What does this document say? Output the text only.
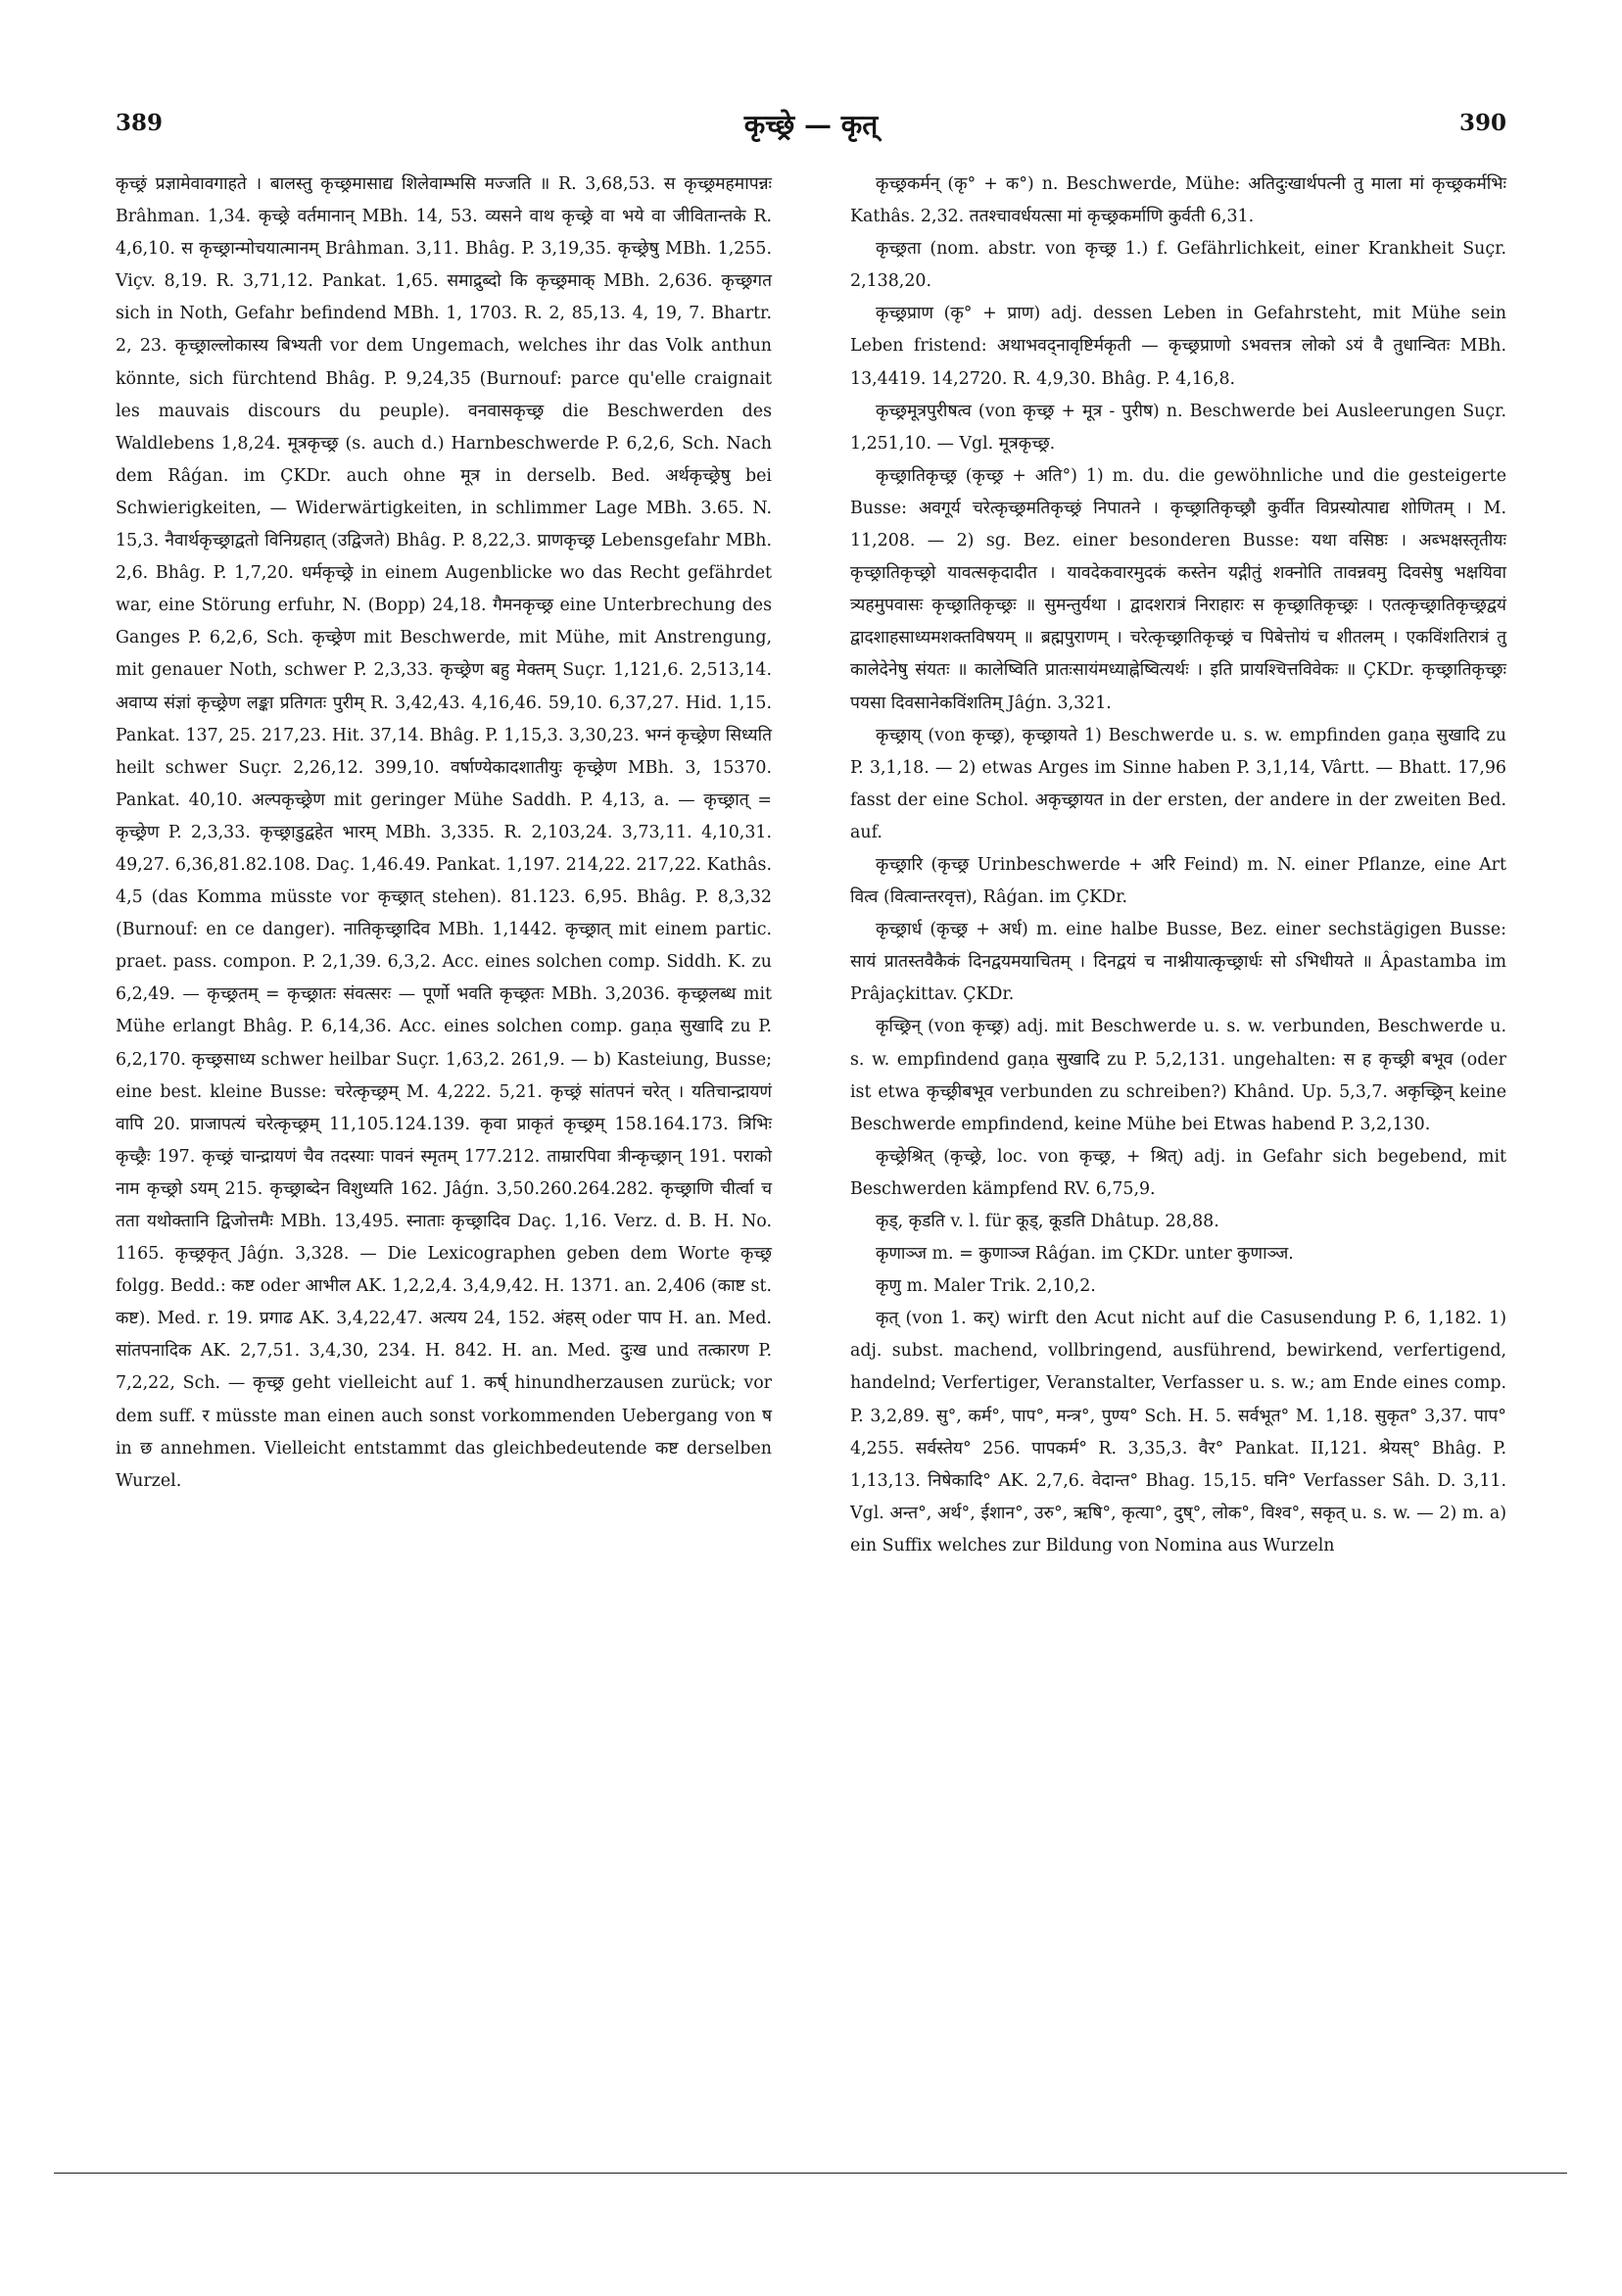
389	कृच्छ्रे — कृत्	390

कृच्छ्रं प्रज्ञामेवावगाहते । बालस्तु कृच्छ्रमासाद्य शिलेवाम्भसि मज्जति ॥ R. 3,68,53. स कृच्छ्रमहमापन्नः Brâhman. 1,34. कृच्छ्रे वर्तमानान् MBh. 14, 53. व्यसने वाथ कृच्छ्रे वा भये वा जीवितान्तके R. 4,6,10. स कृच्छ्रान्मोचयात्मानम् Brâhman. 3,11. Bhâg. P. 3,19,35. कृच्छ्रेषु MBh. 1,255. Viçv. 8,19. R. 3,71,12. Pankat. 1,65. समाद्रुब्दो कि कृच्छ्रमाक् MBh. 2,636. कृच्छ्रगत sich in Noth, Gefahr befindend MBh. 1, 1703. R. 2, 85,13. 4, 19, 7. Bhartr. 2, 23. कृच्छ्राल्लोकास्य बिभ्यती vor dem Ungemach, welches ihr das Volk anthun könnte, sich fürchtend Bhâg. P. 9,24,35 (Burnouf: parce qu'elle craignait les mauvais discours du peuple). वनवासकृच्छ्र die Beschwerden des Waldlebens 1,8,24. मूत्रकृच्छ्र (s. auch d.) Harnbeschwerde P. 6,2,6, Sch. Nach dem Râǵan. im ÇKDr. auch ohne मूत्र in derselb. Bed. अर्थकृच्छ्रेषु bei Schwierigkeiten, — Widerwärtigkeiten, in schlimmer Lage MBh. 3.65. N. 15,3. नैवार्थकृच्छ्राद्वतो विनिग्रहात् (उद्विजते) Bhâg. P. 8,22,3. प्राणकृच्छ्र Lebensgefahr MBh. 2,6. Bhâg. P. 1,7,20. धर्मकृच्छ्रे in einem Augenblicke wo das Recht gefährdet war, eine Störung erfuhr, N. (Bopp) 24,18. गैमनकृच्छ्र eine Unterbrechung des Ganges P. 6,2,6, Sch. कृच्छ्रेण mit Beschwerde, mit Mühe, mit Anstrengung, mit genauer Noth, schwer P. 2,3,33. कृच्छ्रेण बहु मेक्तम् Suçr. 1,121,6. 2,513,14. अवाप्य संज्ञां कृच्छ्रेण लङ्का प्रतिगतः पुरीम् R. 3,42,43. 4,16,46. 59,10. 6,37,27. Hid. 1,15. Pankat. 137, 25. 217,23. Hit. 37,14. Bhâg. P. 1,15,3. 3,30,23. भग्नं कृच्छ्रेण सिध्यति heilt schwer Suçr. 2,26,12. 399,10. वर्षाण्येकादशातीयुः कृच्छ्रेण MBh. 3, 15370. Pankat. 40,10. अल्पकृच्छ्रेण mit geringer Mühe Saddh. P. 4,13, a. — कृच्छ्रात् = कृच्छ्रेण P. 2,3,33. कृच्छ्राडुद्वहेत भारम् MBh. 3,335. R. 2,103,24. 3,73,11. 4,10,31. 49,27. 6,36,81.82.108. Daç. 1,46.49. Pankat. 1,197. 214,22. 217,22. Kathâs. 4,5 (das Komma müsste vor कृच्छ्रात् stehen). 81.123. 6,95. Bhâg. P. 8,3,32 (Burnouf: en ce danger). नातिकृच्छ्रादिव MBh. 1,1442. कृच्छ्रात् mit einem partic. praet. pass. compon. P. 2,1,39. 6,3,2. Acc. eines solchen comp. Siddh. K. zu 6,2,49. — कृच्छ्रतम् = कृच्छ्रातः संवत्सरः — पूर्णो भवति कृच्छ्रतः MBh. 3,2036. कृच्छ्रलब्ध mit Mühe erlangt Bhâg. P. 6,14,36. Acc. eines solchen comp. gaṇa सुखादि zu P. 6,2,170. कृच्छ्रसाध्य schwer heilbar Suçr. 1,63,2. 261,9. — b) Kasteiung, Busse; eine best. kleine Busse: चरेत्कृच्छ्रम् M. 4,222. 5,21. कृच्छ्रं सांतपनं चरेत् । यतिचान्द्रायणं वापि 20. प्राजापत्यं चरेत्कृच्छ्रम् 11,105.124.139. कृवा प्राकृतं कृच्छ्रम् 158.164.173. त्रिभिः कृच्छ्रैः 197. कृच्छ्रं चान्द्रायणं चैव तदस्याः पावनं स्मृतम् 177.212. ताम्रारपिवा त्रीन्कृच्छ्रान् 191. पराको नाम कृच्छ्रो ऽयम् 215. कृच्छ्राब्देन विशुध्यति 162. Jâǵn. 3,50.260.264.282. कृच्छ्राणि चीर्त्वा च तता यथोक्तानि द्विजोत्तमैः MBh. 13,495. स्नाताः कृच्छ्रादिव Daç. 1,16. Verz. d. B. H. No. 1165. कृच्छ्रकृत् Jâǵn. 3,328. — Die Lexicographen geben dem Worte कृच्छ्र folgg. Bedd.: कष्ट oder आभील AK. 1,2,2,4. 3,4,9,42. H. 1371. an. 2,406 (काष्ट st. कष्ट). Med. r. 19. प्रगाढ AK. 3,4,22,47. अत्यय 24, 152. अंहस् oder पाप H. an. Med. सांतपनादिक AK. 2,7,51. 3,4,30, 234. H. 842. H. an. Med. दुःख und तत्कारण P. 7,2,22, Sch. — कृच्छ्र geht vielleicht auf 1. कर्ष् hinundherzausen zurück; vor dem suff. र müsste man einen auch sonst vorkommenden Uebergang von ष in छ annehmen. Vielleicht entstammt das gleichbedeutende कष्ट derselben Wurzel.

कृच्छ्रकर्मन् (कृ° + क°) n. Beschwerde, Mühe: अतिदुःखार्थपत्नी तु माला मां कृच्छ्रकर्मभिः Kathâs. 2,32. ततश्चावर्धयत्सा मां कृच्छ्रकर्माणि कुर्वती 6,31.

कृच्छ्रता (nom. abstr. von कृच्छ्र 1.) f. Gefährlichkeit, einer Krankheit Suçr. 2,138,20.

कृच्छ्रप्राण (कृ° + प्राण) adj. dessen Leben in Gefahrsteht, mit Mühe sein Leben fristend: अथाभवद्नावृष्टिर्मकृती — कृच्छ्रप्राणो ऽभवत्तत्र लोको ऽयं वै तुधान्वितः MBh. 13,4419. 14,2720. R. 4,9,30. Bhâg. P. 4,16,8.

कृच्छ्रमूत्रपुरीषत्व (von कृच्छ्र + मूत्र - पुरीष) n. Beschwerde bei Ausleerungen Suçr. 1,251,10. — Vgl. मूत्रकृच्छ्र.

कृच्छ्रातिकृच्छ्र (कृच्छ्र + अति°) 1) m. du. die gewöhnliche und die gesteigerte Busse: अवगूर्य चरेत्कृच्छ्रमतिकृच्छ्रं निपातने । कृच्छ्रातिकृच्छ्रौ कुर्वीत विप्रस्योत्पाद्य शोणितम् । M. 11,208. — 2) sg. Bez. einer besonderen Busse: यथा वसिष्ठः । अब्भक्षस्तृतीयः कृच्छ्रातिकृच्छ्रो यावत्सकृदादीत । यावदेकवारमुदकं कस्तेन यद्गीतुं शक्नोति तावन्नवमु दिवसेषु भक्षयिवा त्र्यहमुपवासः कृच्छ्रातिकृच्छ्रः ॥ सुमन्तुर्यथा । द्वादशरात्रं निराहारः स कृच्छ्रातिकृच्छ्रः । एतत्कृच्छ्रातिकृच्छ्रद्वयं द्वादशाहसाध्यमशक्तविषयम् ॥ ब्रह्मपुराणम् । चरेत्कृच्छ्रातिकृच्छ्रं च पिबेत्तोयं च शीतलम् । एकविंशतिरात्रं तु कालेदेनेषु संयतः ॥ कालेष्विति प्रातःसायंमध्याह्नेष्वित्यर्थः । इति प्रायश्चित्तविवेकः ॥ ÇKDr. कृच्छ्रातिकृच्छ्रः पयसा दिवसानेकविंशतिम् Jâǵn. 3,321.

कृच्छ्राय् (von कृच्छ्र), कृच्छ्रायते 1) Beschwerde u. s. w. empfinden gaṇa सुखादि zu P. 3,1,18. — 2) etwas Arges im Sinne haben P. 3,1,14, Vârtt. — Bhatt. 17,96 fasst der eine Schol. अकृच्छ्रायत in der ersten, der andere in der zweiten Bed. auf.

कृच्छ्रारि (कृच्छ्र Urinbeschwerde + अरि Feind) m. N. einer Pflanze, eine Art वित्व (वित्वान्तरवृत्त), Râǵan. im ÇKDr.

कृच्छ्रार्ध (कृच्छ्र + अर्ध) m. eine halbe Busse, Bez. einer sechstägigen Busse: सायं प्रातस्तवैकैकं दिनद्वयमयाचितम् । दिनद्वयं च नाश्नीयात्कृच्छ्रार्धः सो ऽभिधीयते ॥ Âpastamba im Prâjaçkittav. ÇKDr.

कृच्छ्रिन् (von कृच्छ्र) adj. mit Beschwerde u. s. w. verbunden, Beschwerde u. s. w. empfindend gaṇa सुखादि zu P. 5,2,131. ungehalten: स ह कृच्छ्री बभूव (oder ist etwa कृच्छ्रीबभूव verbunden zu schreiben?) Khând. Up. 5,3,7. अकृच्छ्रिन् keine Beschwerde empfindend, keine Mühe bei Etwas habend P. 3,2,130.

कृच्छ्रेश्रित् (कृच्छ्रे, loc. von कृच्छ्र, + श्रित्) adj. in Gefahr sich begebend, mit Beschwerden kämpfend RV. 6,75,9.

कृड्, कृडति v. l. für कूड्, कूडति Dhâtup. 28,88.

कृणाञ्ज m. = कुणाञ्ज Râǵan. im ÇKDr. unter कुणाञ्ज.

कृणु m. Maler Trik. 2,10,2.

कृत् (von 1. कर्) wirft den Acut nicht auf die Casusendung P. 6, 1,182. 1) adj. subst. machend, vollbringend, ausführend, bewirkend, verfertigend, handelnd; Verfertiger, Veranstalter, Verfasser u. s. w.; am Ende eines comp. P. 3,2,89. सु°, कर्म°, पाप°, मन्त्र°, पुण्य° Sch. H. 5. सर्वभूत° M. 1,18. सुकृत° 3,37. पाप° 4,255. सर्वस्तेय° 256. पापकर्म° R. 3,35,3. वैर° Pankat. II,121. श्रेयस्° Bhâg. P. 1,13,13. निषेकादि° AK. 2,7,6. वेदान्त° Bhag. 15,15. घनि° Verfasser Sâh. D. 3,11. Vgl. अन्त°, अर्थ°, ईशान°, उरु°, ऋषि°, कृत्या°, दुष्°, लोक°, विश्व°, सकृत् u. s. w. — 2) m. a) ein Suffix welches zur Bildung von Nomina aus Wurzeln
